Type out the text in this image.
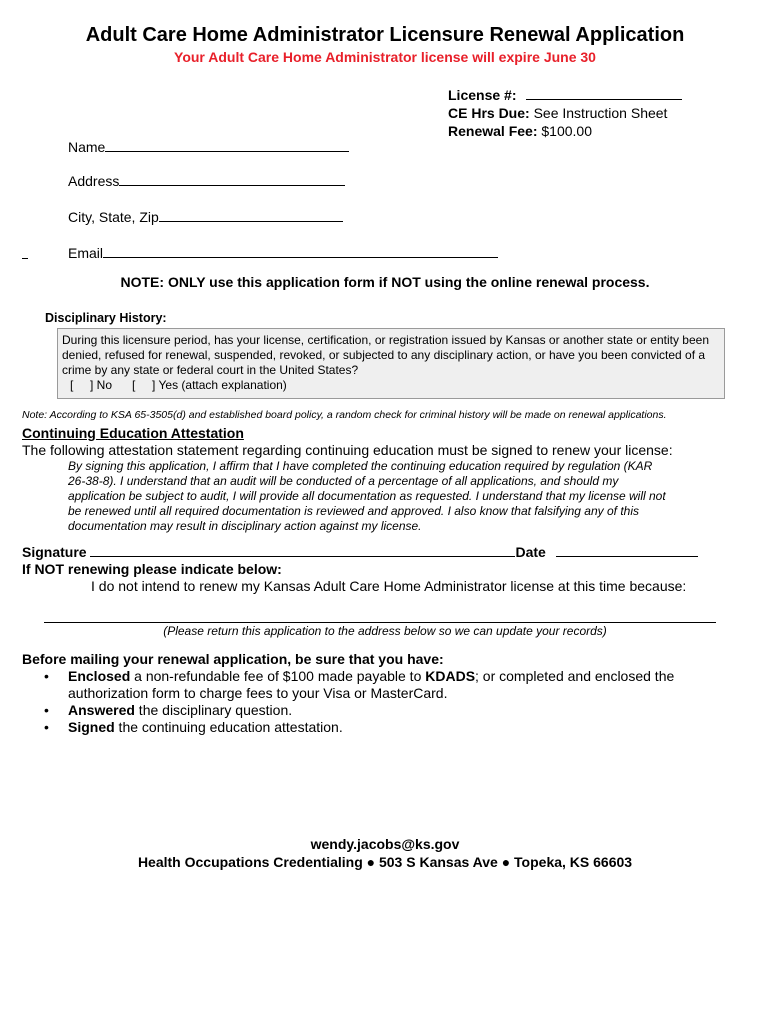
Adult Care Home Administrator Licensure Renewal Application
Your Adult Care Home Administrator license will expire June 30
License #:
CE Hrs Due: See Instruction Sheet
Renewal Fee: $100.00
Name
Address
City, State, Zip
Email
NOTE: ONLY use this application form if NOT using the online renewal process.
Disciplinary History:
During this licensure period, has your license, certification, or registration issued by Kansas or another state or entity been denied, refused for renewal, suspended, revoked, or subjected to any disciplinary action, or have you been convicted of a crime by any state or federal court in the United States?
[     ] No [     ] Yes (attach explanation)
Note: According to KSA 65-3505(d) and established board policy, a random check for criminal history will be made on renewal applications.
Continuing Education Attestation
The following attestation statement regarding continuing education must be signed to renew your license:
By signing this application, I affirm that I have completed the continuing education required by regulation (KAR 26-38-8). I understand that an audit will be conducted of a percentage of all applications, and should my application be subject to audit, I will provide all documentation as requested. I understand that my license will not be renewed until all required documentation is reviewed and approved. I also know that falsifying any of this documentation may result in disciplinary action against my license.
Signature	Date
If NOT renewing please indicate below:
I do not intend to renew my Kansas Adult Care Home Administrator license at this time because:
(Please return this application to the address below so we can update your records)
Before mailing your renewal application, be sure that you have:
• Enclosed a non-refundable fee of $100 made payable to KDADS; or completed and enclosed the authorization form to charge fees to your Visa or MasterCard.
• Answered the disciplinary question.
• Signed the continuing education attestation.
wendy.jacobs@ks.gov
Health Occupations Credentialing ● 503 S Kansas Ave ● Topeka, KS 66603
